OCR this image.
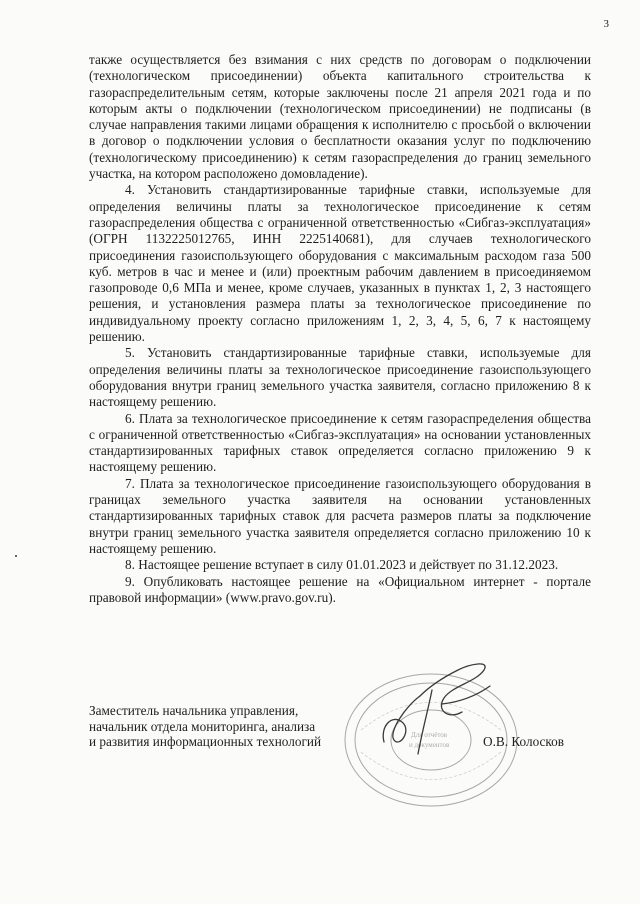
3

также осуществляется без взимания с них средств по договорам о подключении (технологическом присоединении) объекта капитального строительства к газораспределительным сетям, которые заключены после 21 апреля 2021 года и по которым акты о подключении (технологическом присоединении) не подписаны (в случае направления такими лицами обращения к исполнителю с просьбой о включении в договор о подключении условия о бесплатности оказания услуг по подключению (технологическому присоединению) к сетям газораспределения до границ земельного участка, на котором расположено домовладение).

4. Установить стандартизированные тарифные ставки, используемые для определения величины платы за технологическое присоединение к сетям газораспределения общества с ограниченной ответственностью «Сибгаз-эксплуатация» (ОГРН 1132225012765, ИНН 2225140681), для случаев технологического присоединения газоиспользующего оборудования с максимальным расходом газа 500 куб. метров в час и менее и (или) проектным рабочим давлением в присоединяемом газопроводе 0,6 МПа и менее, кроме случаев, указанных в пунктах 1, 2, 3 настоящего решения, и установления размера платы за технологическое присоединение по индивидуальному проекту согласно приложениям 1, 2, 3, 4, 5, 6, 7 к настоящему решению.

5. Установить стандартизированные тарифные ставки, используемые для определения величины платы за технологическое присоединение газоиспользующего оборудования внутри границ земельного участка заявителя, согласно приложению 8 к настоящему решению.

6. Плата за технологическое присоединение к сетям газораспределения общества с ограниченной ответственностью «Сибгаз-эксплуатация» на основании установленных стандартизированных тарифных ставок определяется согласно приложению 9 к настоящему решению.

7. Плата за технологическое присоединение газоиспользующего оборудования в границах земельного участка заявителя на основании установленных стандартизированных тарифных ставок для расчета размеров платы за подключение внутри границ земельного участка заявителя определяется согласно приложению 10 к настоящему решению.

8. Настоящее решение вступает в силу 01.01.2023 и действует по 31.12.2023.

9. Опубликовать настоящее решение на «Официальном интернет - портале правовой информации» (www.pravo.gov.ru).

Для отчётов
и документов
Заместитель начальника управления,
начальник отдела мониторинга, анализа
и развития информационных технологий	О.В. Колосков
